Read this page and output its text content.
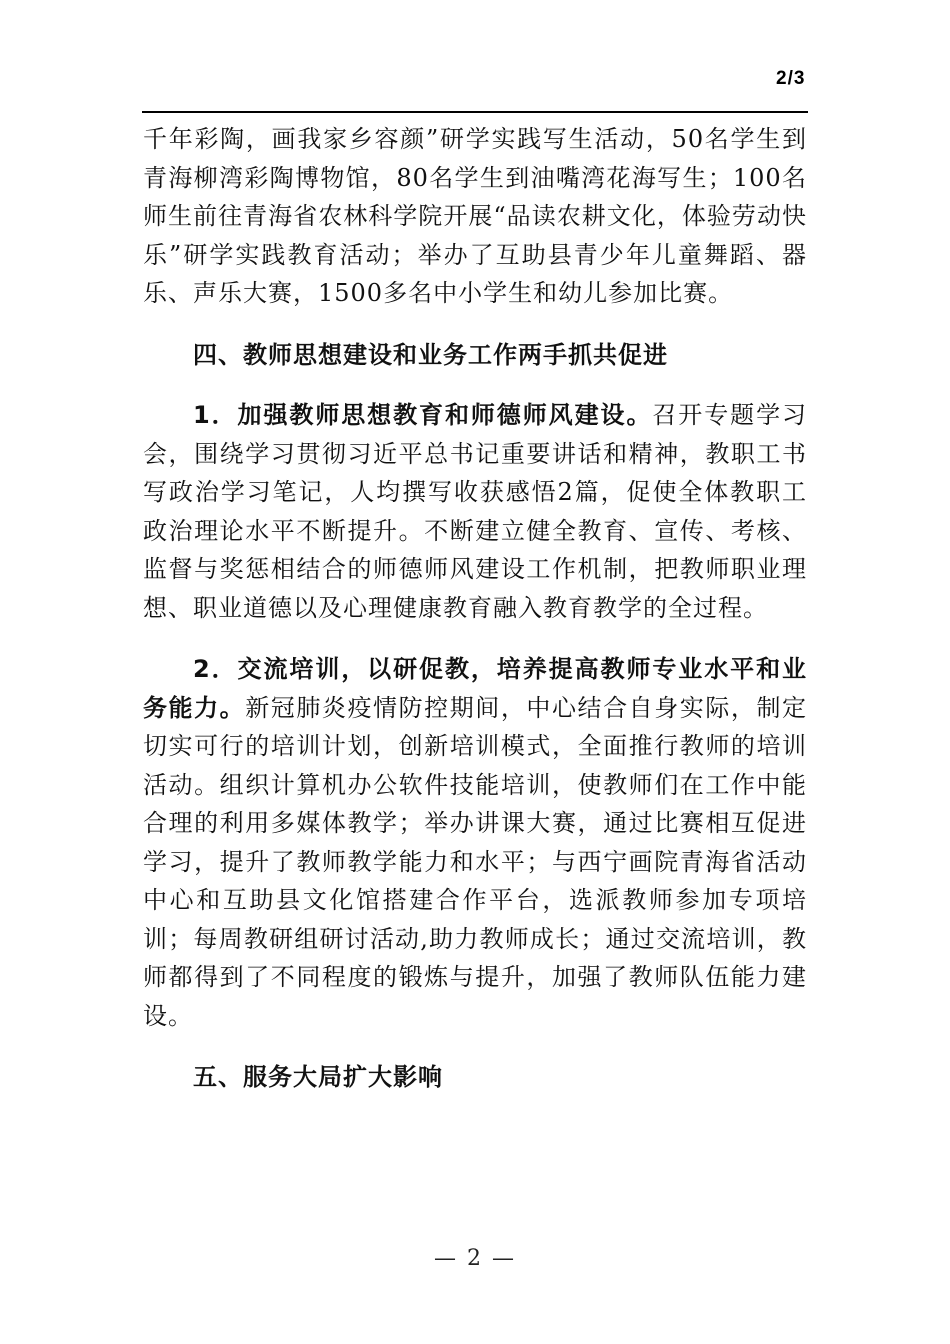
2/3

千年彩陶，画我家乡容颜”研学实践写生活动，50名学生到青海柳湾彩陶博物馆，80名学生到油嘴湾花海写生；100名师生前往青海省农林科学院开展“品读农耕文化，体验劳动快乐”研学实践教育活动；举办了互助县青少年儿童舞蹈、器乐、声乐大赛，1500多名中小学生和幼儿参加比赛。

四、教师思想建设和业务工作两手抓共促进

1．加强教师思想教育和师德师风建设。召开专题学习会，围绕学习贯彻习近平总书记重要讲话和精神，教职工书写政治学习笔记，人均撰写收获感悟2篇，促使全体教职工政治理论水平不断提升。不断建立健全教育、宣传、考核、监督与奖惩相结合的师德师风建设工作机制，把教师职业理想、职业道德以及心理健康教育融入教育教学的全过程。

2．交流培训，以研促教，培养提高教师专业水平和业务能力。新冠肺炎疫情防控期间，中心结合自身实际，制定切实可行的培训计划，创新培训模式，全面推行教师的培训活动。组织计算机办公软件技能培训，使教师们在工作中能合理的利用多媒体教学；举办讲课大赛，通过比赛相互促进学习，提升了教师教学能力和水平；与西宁画院青海省活动中心和互助县文化馆搭建合作平台，选派教师参加专项培训；每周教研组研讨活动,助力教师成长；通过交流培训，教师都得到了不同程度的锻炼与提升，加强了教师队伍能力建设。

五、服务大局扩大影响

— 2 —
